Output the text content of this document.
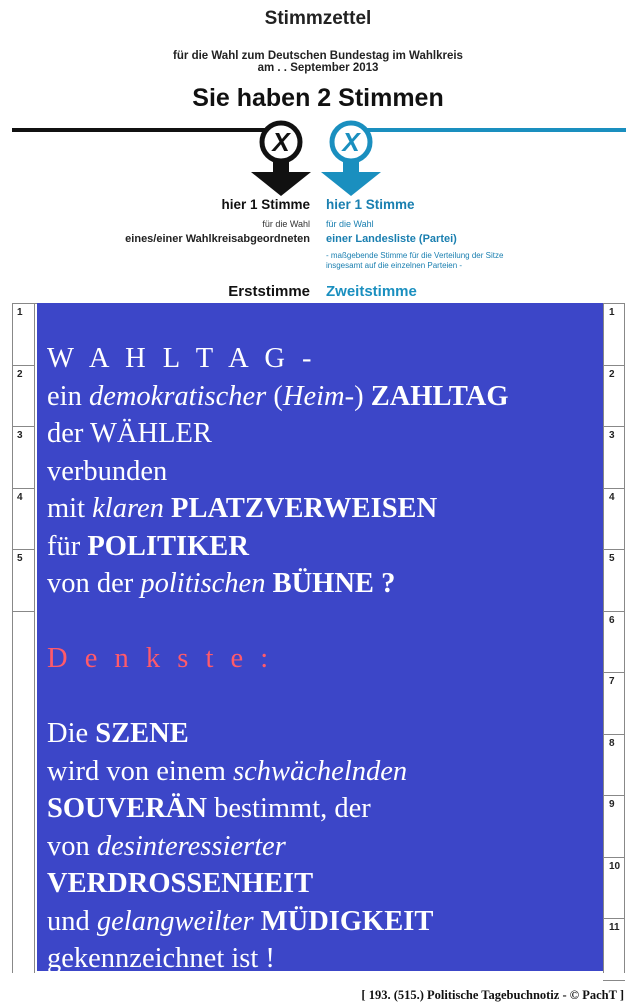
Stimmzettel
für die Wahl zum Deutschen Bundestag im Wahlkreis
am . . September 2013
Sie haben 2 Stimmen
X X
hier 1 Stimme
für die Wahl
eines/einer Wahlkreisabgeordneten
hier 1 Stimme
für die Wahl
einer Landesliste (Partei)
- maßgebende Stimme für die Verteilung der Sitze
insgesamt auf die einzelnen Parteien -
Erststimme Zweitstimme
1
2
3
4
5
1
2
3
4
5
6
7
8
9
10
11

W A H L T A G -

ein demokratischer (Heim-) ZAHLTAG

der WÄHLER

verbunden

mit klaren PLATZVERWEISEN

für POLITIKER

von der politischen BÜHNE ?

D e n k s t e :

Die SZENE

wird von einem schwächelnden

SOUVERÄN bestimmt, der

von desinteressierter

VERDROSSENHEIT

und gelangweilter MÜDIGKEIT

gekennzeichnet ist !

[ 193. (515.) Politische Tagebuchnotiz - © PachT ]
